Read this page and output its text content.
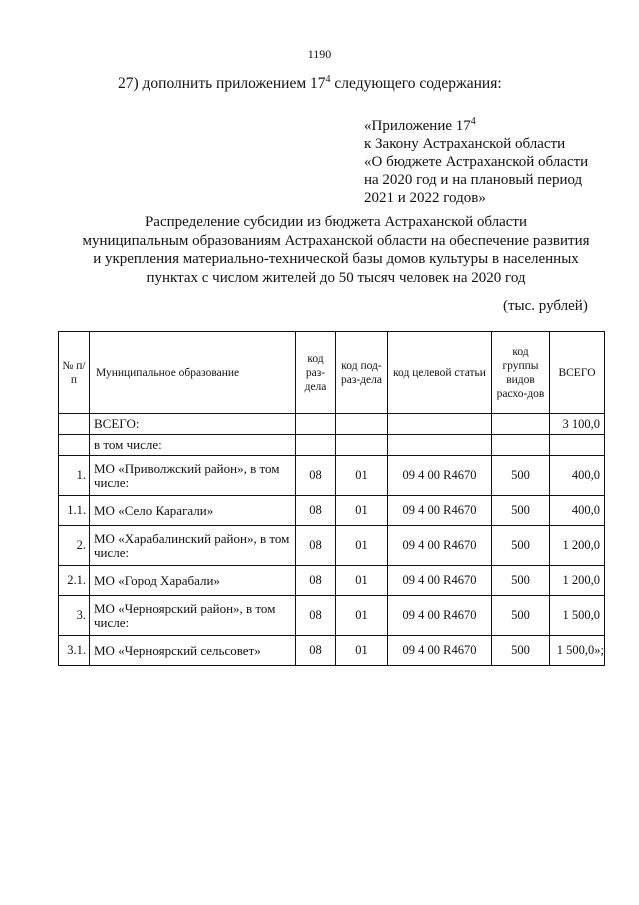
1190
27) дополнить приложением $17^4$ следующего содержания:
«Приложение $17^4$
к Закону Астраханской области
«О бюджете Астраханской области
на 2020 год и на плановый период
2021 и 2022 годов»
Распределение субсидии из бюджета Астраханской области
муниципальным образованиям Астраханской области на обеспечение развития
и укрепления материально-технической базы домов культуры в населенных
пунктах с числом жителей до 50 тысяч человек на 2020 год
(тыс. рублей)
№ п/п	Муниципальное образование	код раз-дела	код под-раз-дела	код целевой статьи	код группы видов расхо-дов	ВСЕГО
	ВСЕГО:					3 100,0
	в том числе:					
1.	МО «Приволжский район», в том числе:	08	01	09 4 00 R4670	500	400,0
1.1.	МО «Село Карагали»	08	01	09 4 00 R4670	500	400,0
2.	МО «Харабалинский район», в том числе:	08	01	09 4 00 R4670	500	1 200,0
2.1.	МО «Город Харабали»	08	01	09 4 00 R4670	500	1 200,0
3.	МО «Черноярский район», в том числе:	08	01	09 4 00 R4670	500	1 500,0
3.1.	МО «Черноярский сельсовет»	08	01	09 4 00 R4670	500	1 500,0»;
